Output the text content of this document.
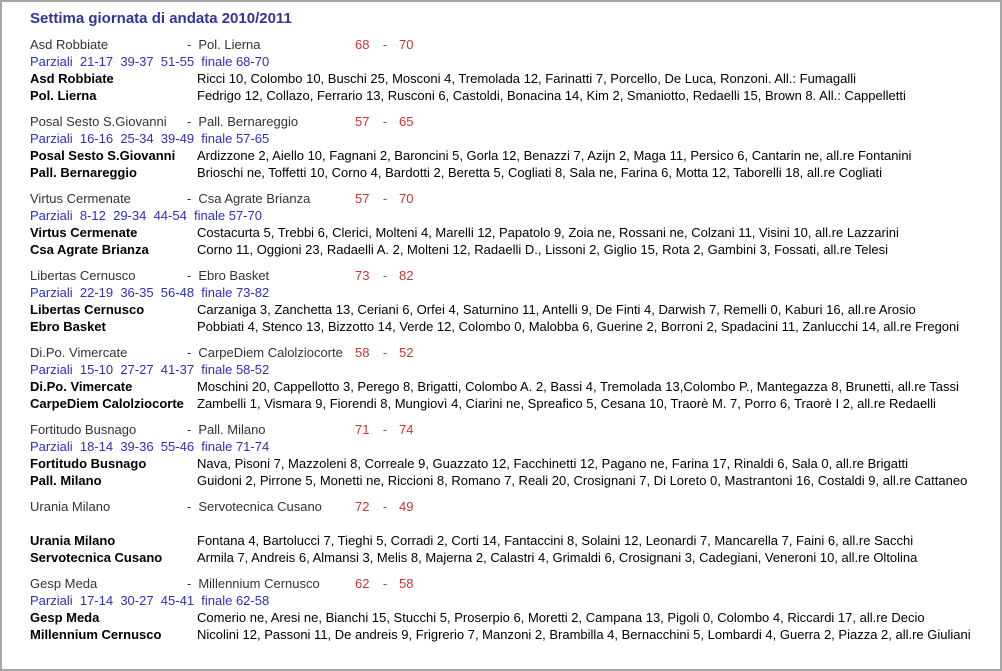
Settima giornata di andata 2010/2011
Asd Robbiate	- Pol. Lierna	68	- 70
Parziali  21-17  39-37  51-55  finale 68-70
Asd Robbiate	Ricci 10, Colombo 10, Buschi 25, Mosconi 4, Tremolada 12, Farinatti 7, Porcello, De Luca, Ronzoni. All.: Fumagalli
Pol. Lierna	Fedrigo 12, Collazo, Ferrario 13, Rusconi 6, Castoldi, Bonacina 14, Kim 2, Smaniotto, Redaelli 15, Brown 8. All.: Cappelletti
Posal Sesto S.Giovanni - Pall. Bernareggio	57	- 65
Parziali  16-16  25-34  39-49  finale 57-65
Posal Sesto S.Giovanni	Ardizzone 2, Aiello 10, Fagnani 2, Baroncini 5, Gorla 12, Benazzi 7, Azijn 2, Maga 11, Persico 6, Cantarin ne, all.re Fontanini
Pall. Bernareggio	Brioschi ne, Toffetti 10, Corno 4, Bardotti 2, Beretta 5, Cogliati 8, Sala ne, Farina 6, Motta 12, Taborelli 18, all.re Cogliati
Virtus Cermenate	- Csa Agrate Brianza	57	- 70
Parziali  8-12  29-34  44-54  finale 57-70
Virtus Cermenate	Costacurta 5, Trebbi 6, Clerici, Molteni 4, Marelli 12, Papatolo 9, Zoia ne, Rossani ne, Colzani 11, Visini 10, all.re Lazzarini
Csa Agrate Brianza	Corno 11, Oggioni 23, Radaelli A. 2, Molteni 12, Radaelli D., Lissoni 2, Giglio 15, Rota 2, Gambini 3, Fossati, all.re Telesi
Libertas Cernusco	- Ebro Basket	73	- 82
Parziali  22-19  36-35  56-48  finale 73-82
Libertas Cernusco	Carzaniga 3, Zanchetta 13, Ceriani 6, Orfei 4, Saturnino 11, Antelli 9, De Finti 4, Darwish 7, Remelli 0, Kaburi 16, all.re Arosio
Ebro Basket	Pobbiati 4, Stenco 13, Bizzotto 14, Verde 12, Colombo 0, Malobba 6, Guerine 2, Borroni 2, Spadacini 11, Zanlucchi 14, all.re Fregoni
Di.Po. Vimercate	- CarpeDiem Calolziocorte 58	- 52
Parziali  15-10  27-27  41-37  finale 58-52
Di.Po. Vimercate	Moschini 20, Cappellotto 3, Perego 8, Brigatti, Colombo A. 2, Bassi 4, Tremolada 13,Colombo P., Mantegazza 8, Brunetti, all.re Tassi
CarpeDiem Calolziocorte	Zambelli 1, Vismara 9, Fiorendi 8, Mungiovì 4, Ciarini ne, Spreafico 5, Cesana 10, Traorè M. 7, Porro 6, Traorè I 2, all.re Redaelli
Fortitudo Busnago	- Pall. Milano	71	- 74
Parziali  18-14  39-36  55-46  finale 71-74
Fortitudo Busnago	Nava, Pisoni 7, Mazzoleni 8, Correale 9, Guazzato 12, Facchinetti 12, Pagano ne, Farina 17, Rinaldi 6, Sala 0, all.re Brigatti
Pall. Milano	Guidoni 2, Pirrone 5, Monetti ne, Riccioni 8, Romano 7, Reali 20, Crosignani 7, Di Loreto 0, Mastrantoni 16, Costaldi 9, all.re Cattaneo
Urania Milano	- Servotecnica Cusano	72	- 49
Urania Milano	Fontana 4, Bartolucci 7, Tieghi 5, Corradi 2, Corti 14, Fantaccini 8, Solaini 12, Leonardi 7, Mancarella 7, Faini 6, all.re Sacchi
Servotecnica Cusano	Armila 7, Andreis 6, Almansi 3, Melis 8, Majerna 2, Calastri 4, Grimaldi 6, Crosignani 3, Cadegiani, Veneroni 10, all.re Oltolina
Gesp Meda	- Millennium Cernusco	62	- 58
Parziali  17-14  30-27  45-41  finale 62-58
Gesp Meda	Comerio ne, Aresi ne, Bianchi 15, Stucchi 5, Proserpio 6, Moretti 2, Campana 13, Pigoli 0, Colombo 4, Riccardi 17, all.re Decio
Millennium Cernusco	Nicolini 12, Passoni 11, De andreis 9, Frigrerio 7, Manzoni 2, Brambilla 4, Bernacchini 5, Lombardi 4, Guerra 2, Piazza 2, all.re Giuliani
